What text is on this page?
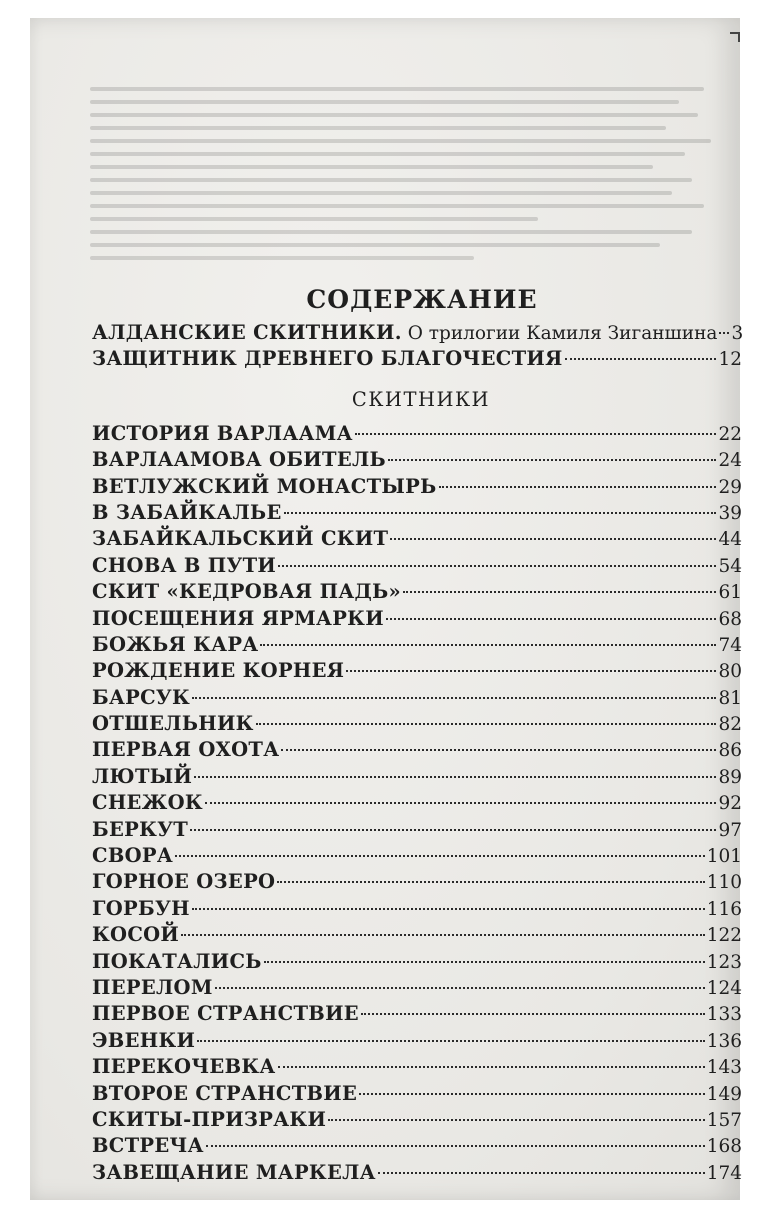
СОДЕРЖАНИЕ
АЛДАНСКИЕ СКИТНИКИ. О трилогии Камиля Зиганшина 3
ЗАЩИТНИК ДРЕВНЕГО БЛАГОЧЕСТИЯ	12
СКИТНИКИ
ИСТОРИЯ ВАРЛААМА	22
ВАРЛААМОВА ОБИТЕЛЬ	24
ВЕТЛУЖСКИЙ МОНАСТЫРЬ	29
В ЗАБАЙКАЛЬЕ	39
ЗАБАЙКАЛЬСКИЙ СКИТ	44
СНОВА В ПУТИ	54
СКИТ «КЕДРОВАЯ ПАДЬ»	61
ПОСЕЩЕНИЯ ЯРМАРКИ	68
БОЖЬЯ КАРА	74
РОЖДЕНИЕ КОРНЕЯ	80
БАРСУК	81
ОТШЕЛЬНИК	82
ПЕРВАЯ ОХОТА	86
ЛЮТЫЙ	89
СНЕЖОК	92
БЕРКУТ	97
СВОРА	101
ГОРНОЕ ОЗЕРО	110
ГОРБУН	116
КОСОЙ	122
ПОКАТАЛИСЬ	123
ПЕРЕЛОМ	124
ПЕРВОЕ СТРАНСТВИЕ	133
ЭВЕНКИ	136
ПЕРЕКОЧЕВКА	143
ВТОРОЕ СТРАНСТВИЕ	149
СКИТЫ-ПРИЗРАКИ	157
ВСТРЕЧА	168
ЗАВЕЩАНИЕ МАРКЕЛА	174
